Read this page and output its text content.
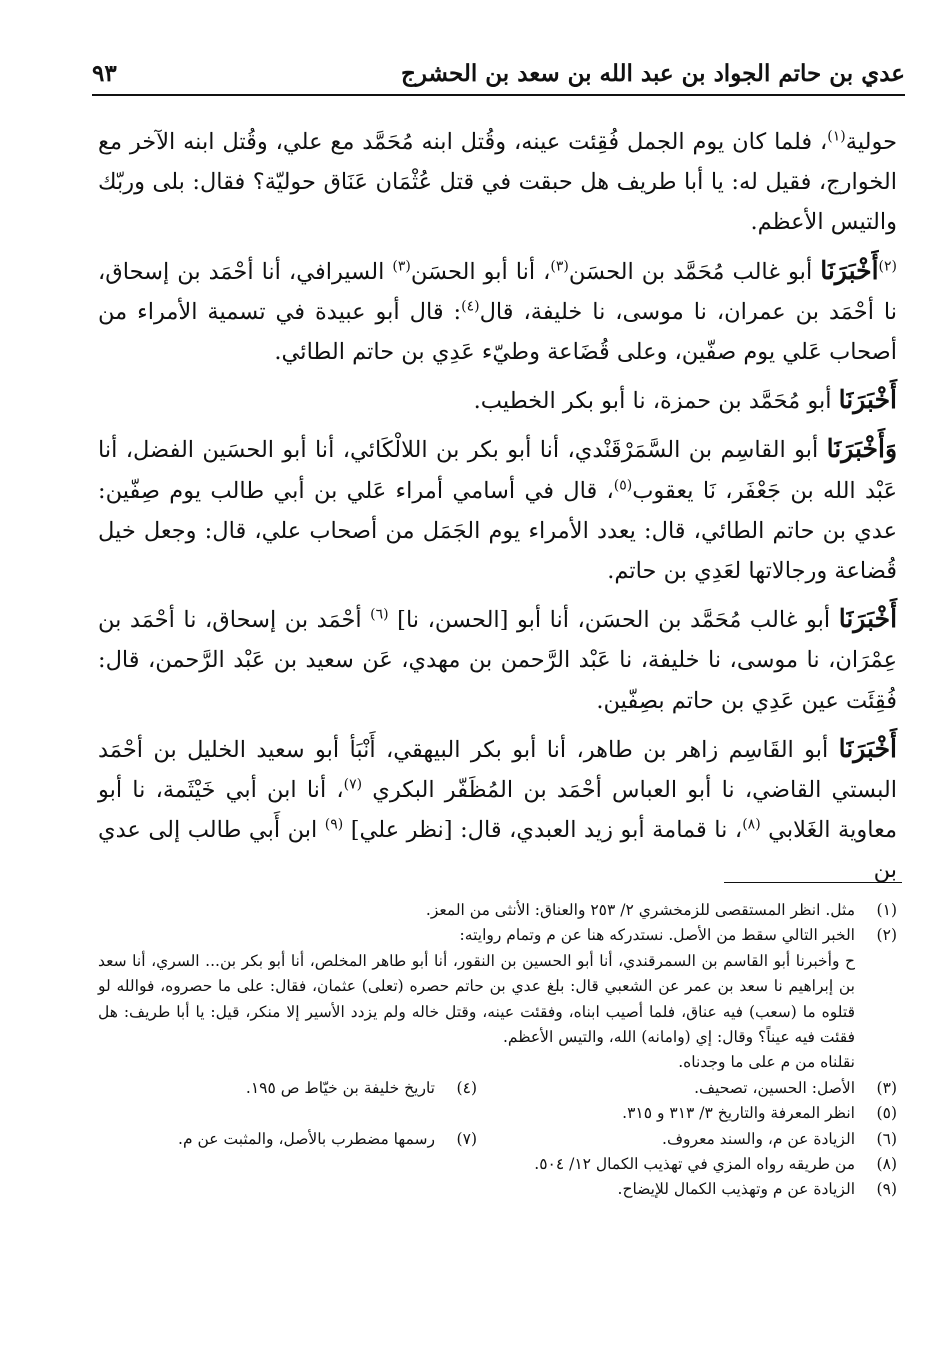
عدي بن حاتم الجواد بن عبد الله بن سعد بن الحشرج
٩٣

حولية$^{(١)}$، فلما كان يوم الجمل فُقِئت عينه، وقُتل ابنه مُحَمَّد مع علي، وقُتل ابنه الآخر مع الخوارج، فقيل له: يا أبا طريف هل حبقت في قتل عُثْمَان عَنَاق حوليّة؟ فقال: بلى وربّك والتيس الأعظم.

$^{(٢)}$أَخْبَرَنَا أبو غالب مُحَمَّد بن الحسَن$^{(٣)}$، أنا أبو الحسَن$^{(٣)}$ السيرافي، أنا أحْمَد بن إسحاق، نا أحْمَد بن عمران، نا موسى، نا خليفة، قال$^{(٤)}$: قال أبو عبيدة في تسمية الأمراء من أصحاب عَلي يوم صفّين، وعلى قُضَاعة وطيّء عَدِي بن حاتم الطائي.

أَخْبَرَنَا أبو مُحَمَّد بن حمزة، نا أبو بكر الخطيب.

وَأَخْبَرَنَا أبو القاسِم بن السَّمَرْقَنْدي، أنا أبو بكر بن اللالْكَائي، أنا أبو الحسَين الفضل، أنا عَبْد الله بن جَعْفَر، نَا يعقوب$^{(٥)}$، قال في أسامي أمراء عَلي بن أبي طالب يوم صِفّين: عدي بن حاتم الطائي، قال: يعدد الأمراء يوم الجَمَل من أصحاب علي، قال: وجعل خيل قُضاعة ورجالاتها لعَدِي بن حاتم.

أَخْبَرَنَا أبو غالب مُحَمَّد بن الحسَن، أنا أبو [الحسن، نا] $^{(٦)}$ أحْمَد بن إسحاق، نا أحْمَد بن عِمْرَان، نا موسى، نا خليفة، نا عَبْد الرَّحمن بن مهدي، عَن سعيد بن عَبْد الرَّحمن، قال: فُقِئَت عين عَدِي بن حاتم بصِفّين.

أَخْبَرَنَا أبو القَاسِم زاهر بن طاهر، أنا أبو بكر البيهقي، أَنْبَأ أبو سعيد الخليل بن أحْمَد البستي القاضي، نا أبو العباس أحْمَد بن المُظَفّر البكري $^{(٧)}$، أنا ابن أبي خَيْثَمة، نا أبو معاوية الغَلابي $^{(٨)}$، نا قمامة أبو زيد العبدي، قال: [نظر علي] $^{(٩)}$ ابن أَبي طالب إلى عدي بن

(١)
مثل. انظر المستقصى للزمخشري ٢/ ٢٥٣ والعناق: الأنثى من المعز.
(٢)
الخبر التالي سقط من الأصل. نستدركه هنا عن م وتمام روايته:
ح وأخبرنا أبو القاسم بن السمرقندي، أنا أبو الحسين بن النقور، أنا أبو طاهر المخلص، أنا أبو بكر بن... السري، أنا سعد بن إبراهيم نا سعد بن عمر عن الشعبي قال: بلغ عدي بن حاتم حصره (تعلى) عثمان، فقال: على ما حصروه، فوالله لو قتلوه ما (سعب) فيه عناق، فلما أصيب ابناه، وفقئت عينه، وقتل خاله ولم يزدد الأسير إلا منكر، قيل: يا أبا طريف: هل فقئت فيه عيناً؟ وقال: إي (وامانه) الله، والتيس الأعظم.
نقلناه من م على ما وجدناه.
(٣)
الأصل: الحسين، تصحيف.
(٤)
تاريخ خليفة بن خيّاط ص ١٩٥.
(٥)
انظر المعرفة والتاريخ ٣/ ٣١٣ و ٣١٥.
(٦)
الزيادة عن م، والسند معروف.
(٧)
رسمها مضطرب بالأصل، والمثبت عن م.
(٨)
من طريقه رواه المزي في تهذيب الكمال ١٢/ ٥٠٤.
(٩)
الزيادة عن م وتهذيب الكمال للإيضاح.
